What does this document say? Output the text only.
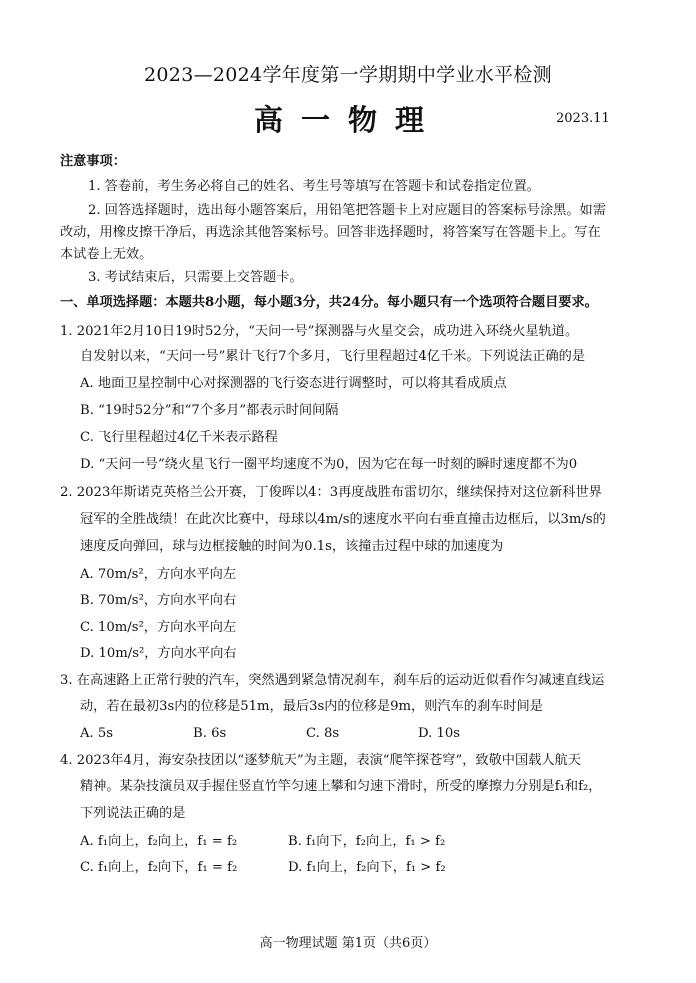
2023—2024学年度第一学期期中学业水平检测
高一物理	2023.11
注意事项：
1. 答卷前，考生务必将自己的姓名、考生号等填写在答题卡和试卷指定位置。
2. 回答选择题时，选出每小题答案后，用铅笔把答题卡上对应题目的答案标号涂黑。如需
改动，用橡皮擦干净后，再选涂其他答案标号。回答非选择题时，将答案写在答题卡上。写在
本试卷上无效。
3. 考试结束后，只需要上交答题卡。
一、单项选择题：本题共8小题，每小题3分，共24分。每小题只有一个选项符合题目要求。
1. 2021年2月10日19时52分，“天问一号”探测器与火星交会，成功进入环绕火星轨道。
自发射以来，“天问一号”累计飞行7个多月，飞行里程超过4亿千米。下列说法正确的是
A. 地面卫星控制中心对探测器的飞行姿态进行调整时，可以将其看成质点
B. “19时52分”和“7个多月”都表示时间间隔
C. 飞行里程超过4亿千米表示路程
D. “天问一号”绕火星飞行一圈平均速度不为0，因为它在每一时刻的瞬时速度都不为0
2. 2023年斯诺克英格兰公开赛，丁俊晖以4：3再度战胜布雷切尔，继续保持对这位新科世界
冠军的全胜战绩！在此次比赛中，母球以4m/s的速度水平向右垂直撞击边框后，以3m/s的
速度反向弹回，球与边框接触的时间为0.1s，该撞击过程中球的加速度为
A. 70m/s²，方向水平向左
B. 70m/s²，方向水平向右
C. 10m/s²，方向水平向左
D. 10m/s²，方向水平向右
3. 在高速路上正常行驶的汽车，突然遇到紧急情况刹车，刹车后的运动近似看作匀减速直线运
动，若在最初3s内的位移是51m，最后3s内的位移是9m，则汽车的刹车时间是
A. 5s	B. 6s	C. 8s	D. 10s
4. 2023年4月，海安杂技团以“逐梦航天”为主题，表演“爬竿探苍穹”，致敬中国载人航天
精神。某杂技演员双手握住竖直竹竿匀速上攀和匀速下滑时，所受的摩擦力分别是f₁和f₂，
下列说法正确的是
A. f₁向上，f₂向上，f₁ = f₂	B. f₁向下，f₂向上，f₁ > f₂
C. f₁向上，f₂向下，f₁ = f₂	D. f₁向上，f₂向下，f₁ > f₂
高一物理试题 第1页（共6页）
